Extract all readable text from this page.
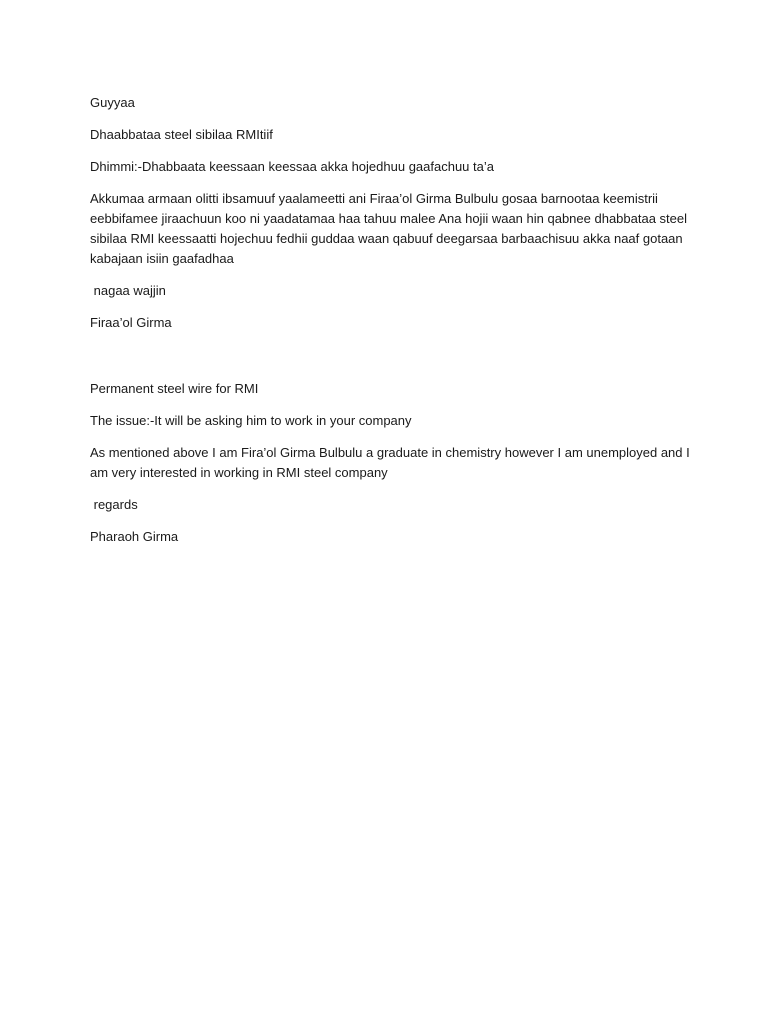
Guyyaa

Dhaabbataa steel sibilaa RMItiif

Dhimmi:-Dhabbaata keessaan keessaa akka hojedhuu gaafachuu ta’a

Akkumaa armaan olitti ibsamuuf yaalameetti ani Firaa’ol Girma Bulbulu gosaa barnootaa keemistrii eebbifamee jiraachuun koo ni yaadatamaa haa tahuu malee Ana hojii waan hin qabnee dhabbataa steel sibilaa RMI keessaatti hojechuu fedhii guddaa waan qabuuf deegarsaa barbaachisuu akka naaf gotaan kabajaan isiin gaafadhaa

nagaa wajjin

Firaa’ol Girma

Permanent steel wire for RMI

The issue:-It will be asking him to work in your company

As mentioned above I am Fira’ol Girma Bulbulu a graduate in chemistry however I am unemployed and I am very interested in working in RMI steel company

regards

Pharaoh Girma
